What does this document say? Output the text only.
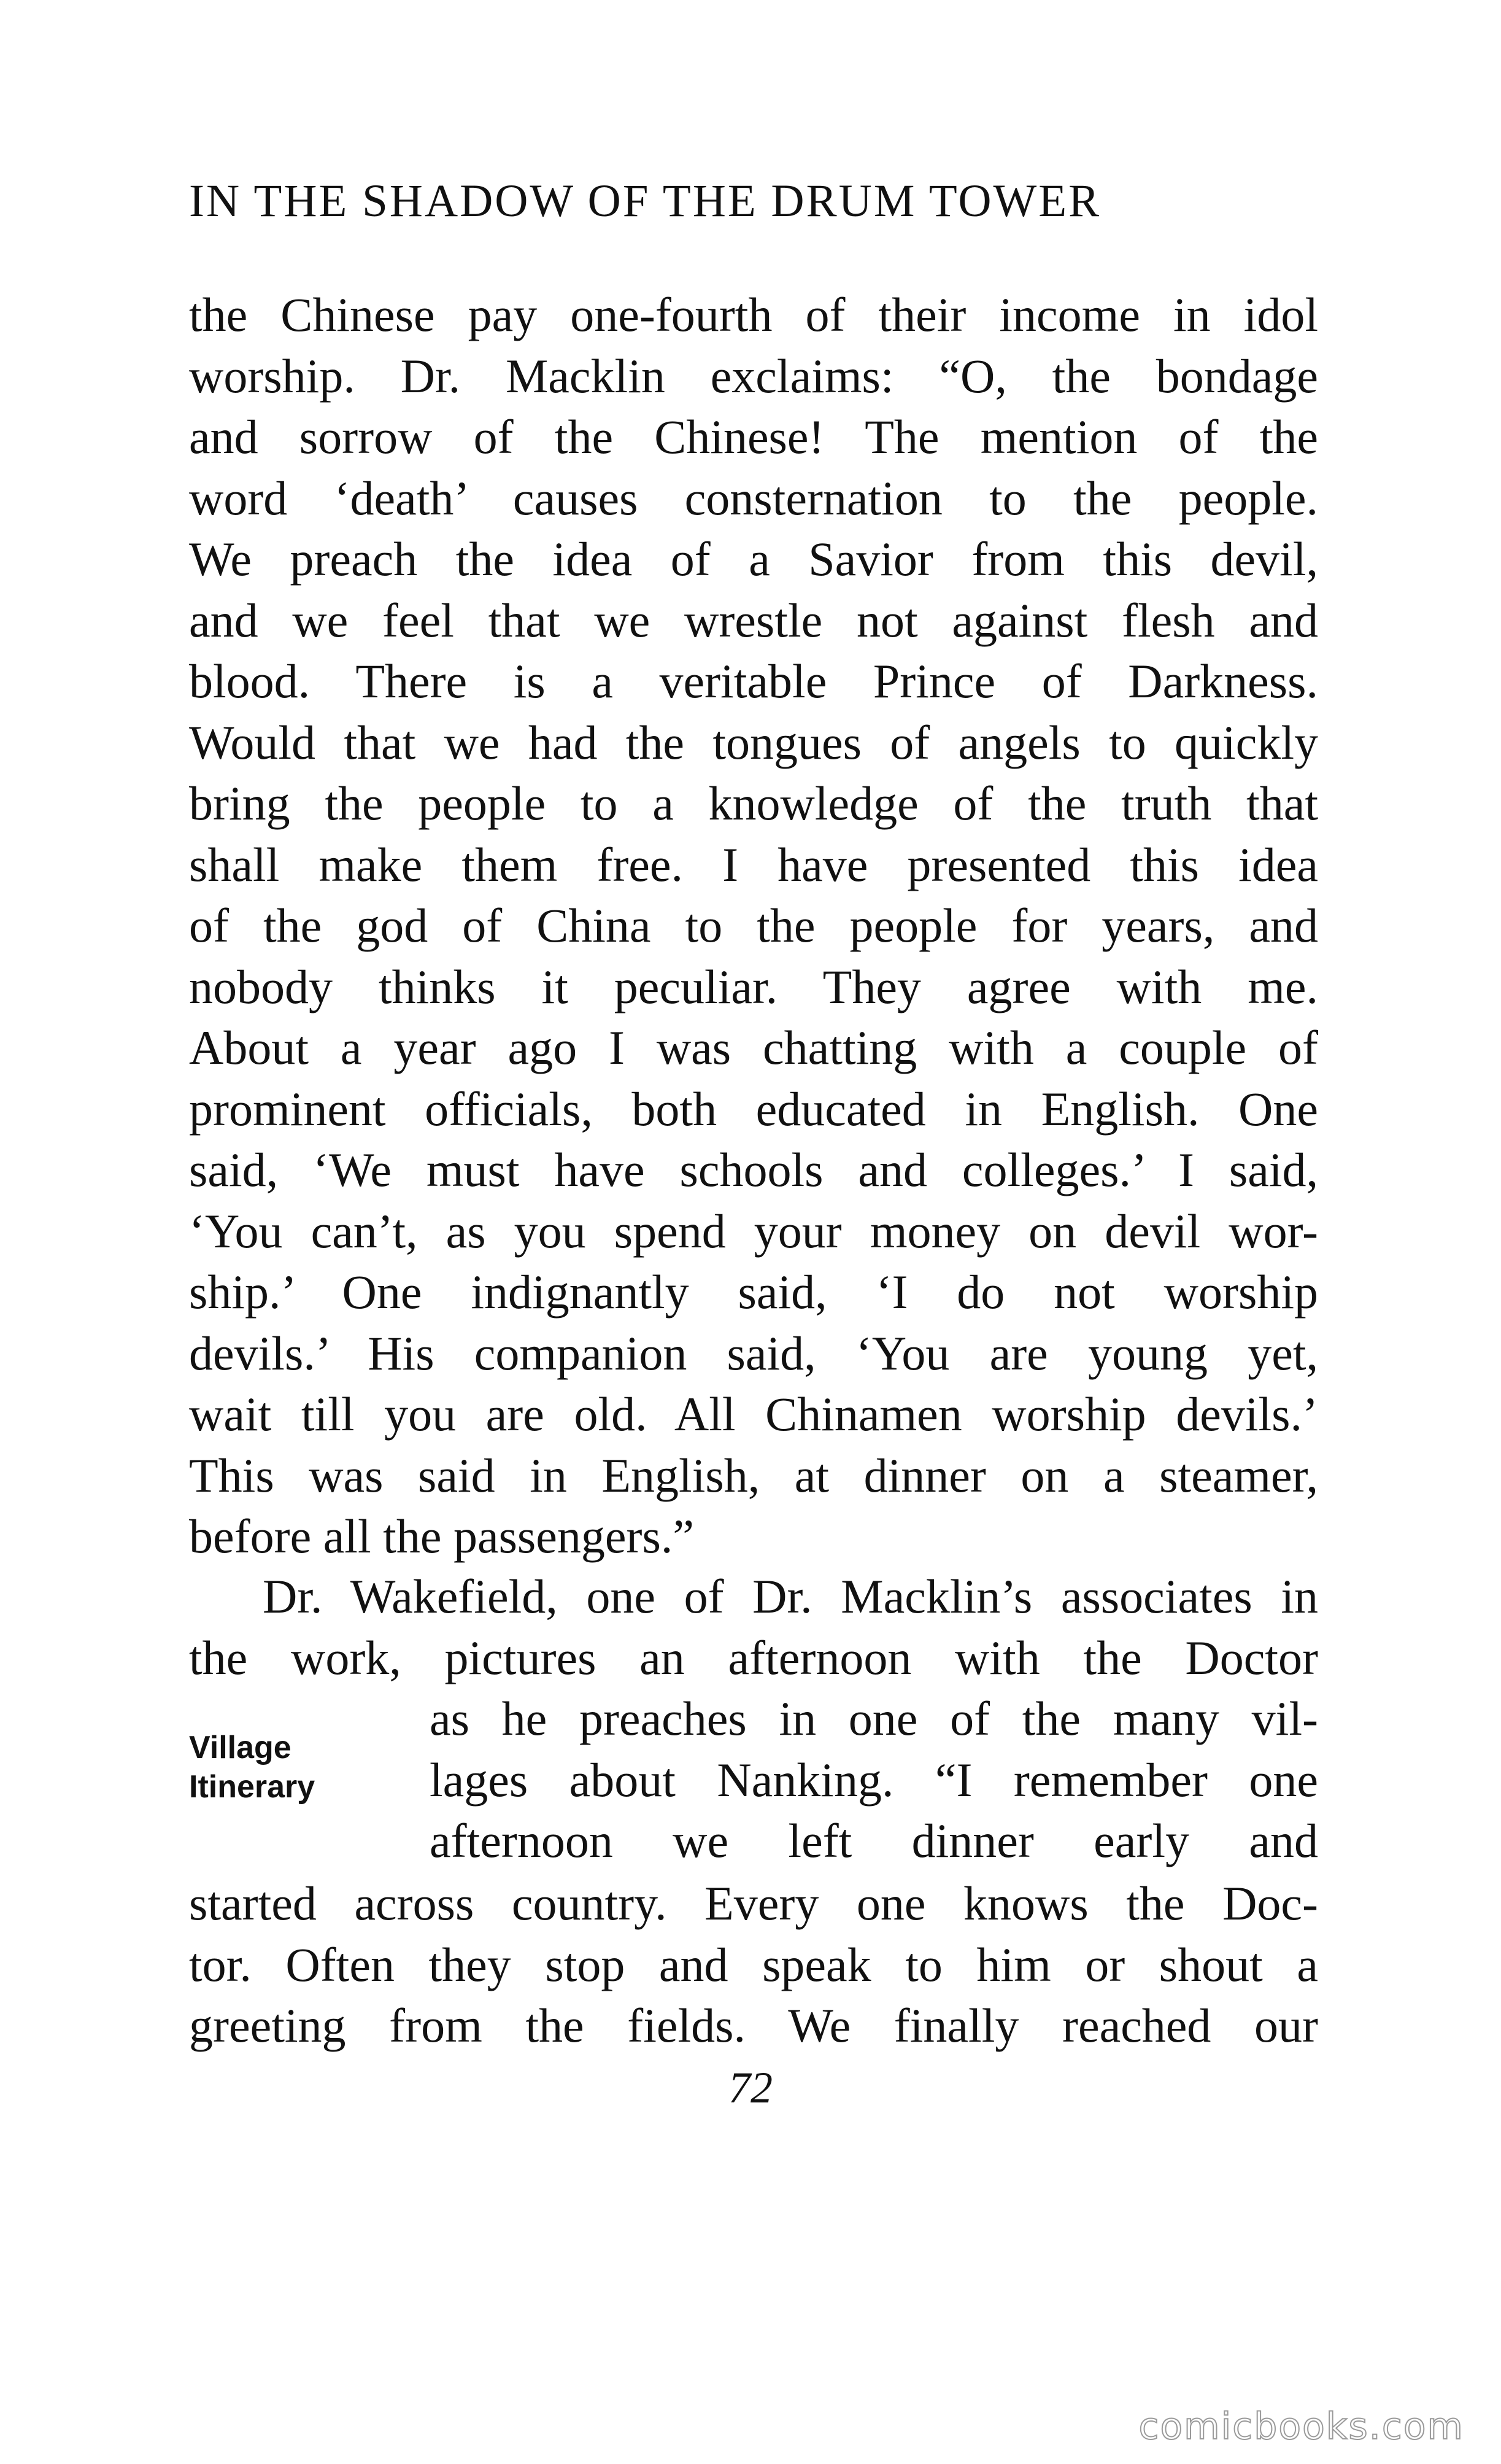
IN THE SHADOW OF THE DRUM TOWER
the Chinese pay one-fourth of their income in idol
worship. Dr. Macklin exclaims: “O, the bondage
and sorrow of the Chinese! The mention of the
word ‘death’ causes consternation to the people.
We preach the idea of a Savior from this devil,
and we feel that we wrestle not against flesh and
blood. There is a veritable Prince of Darkness.
Would that we had the tongues of angels to quickly
bring the people to a knowledge of the truth that
shall make them free. I have presented this idea
of the god of China to the people for years, and
nobody thinks it peculiar. They agree with me.
About a year ago I was chatting with a couple of
prominent officials, both educated in English. One
said, ‘We must have schools and colleges.’ I said,
‘You can’t, as you spend your money on devil wor-
ship.’ One indignantly said, ‘I do not worship
devils.’ His companion said, ‘You are young yet,
wait till you are old. All Chinamen worship devils.’
This was said in English, at dinner on a steamer,
before all the passengers.”
Dr. Wakefield, one of Dr. Macklin’s associates in
the work, pictures an afternoon with the Doctor
Village
Itinerary
as he preaches in one of the many vil-
lages about Nanking. “I remember one
afternoon we left dinner early and
started across country. Every one knows the Doc-
tor. Often they stop and speak to him or shout a
greeting from the fields. We finally reached our
72
comicbooks.com
